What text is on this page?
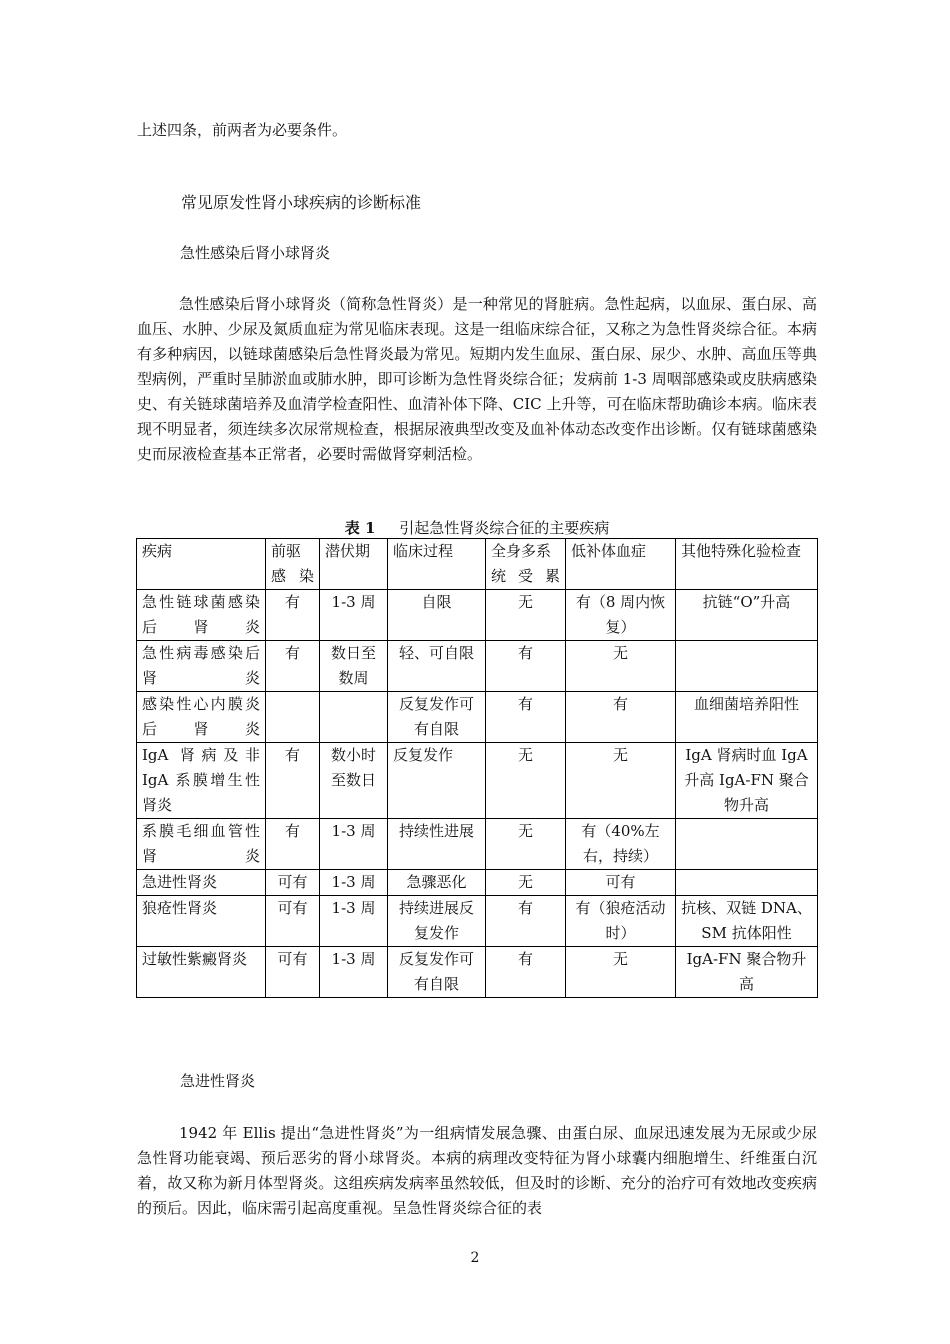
上述四条，前两者为必要条件。

常见原发性肾小球疾病的诊断标准

急性感染后肾小球肾炎

急性感染后肾小球肾炎（简称急性肾炎）是一种常见的肾脏病。急性起病，以血尿、蛋白尿、高血压、水肿、少尿及氮质血症为常见临床表现。这是一组临床综合征，又称之为急性肾炎综合征。本病有多种病因，以链球菌感染后急性肾炎最为常见。短期内发生血尿、蛋白尿、尿少、水肿、高血压等典型病例，严重时呈肺淤血或肺水肿，即可诊断为急性肾炎综合征；发病前 1-3 周咽部感染或皮肤病感染史、有关链球菌培养及血清学检查阳性、血清补体下降、CIC 上升等，可在临床帮助确诊本病。临床表现不明显者，须连续多次尿常规检查，根据尿液典型改变及血补体动态改变作出诊断。仅有链球菌感染史而尿液检查基本正常者，必要时需做肾穿刺活检。

表 1 引起急性肾炎综合征的主要疾病
疾病	前驱感染	潜伏期	临床过程	全身多系统受累	低补体血症	其他特殊化验检查
急性链球菌感染后肾炎	有	1-3 周	自限	无	有（8 周内恢复）	抗链“O”升高
急性病毒感染后肾炎	有	数日至数周	轻、可自限	有	无	
感染性心内膜炎后肾炎			反复发作可有自限	有	有	血细菌培养阳性
IgA 肾病及非 IgA 系膜增生性肾炎	有	数小时至数日	反复发作	无	无	IgA 肾病时血 IgA 升高 IgA-FN 聚合物升高
系膜毛细血管性肾炎	有	1-3 周	持续性进展	无	有（40%左右，持续）	
急进性肾炎	可有	1-3 周	急骤恶化	无	可有	
狼疮性肾炎	可有	1-3 周	持续进展反复发作	有	有（狼疮活动时）	抗核、双链 DNA、SM 抗体阳性
过敏性紫癜肾炎	可有	1-3 周	反复发作可有自限	有	无	IgA-FN 聚合物升高

急进性肾炎

1942 年 Ellis 提出“急进性肾炎”为一组病情发展急骤、由蛋白尿、血尿迅速发展为无尿或少尿急性肾功能衰竭、预后恶劣的肾小球肾炎。本病的病理改变特征为肾小球囊内细胞增生、纤维蛋白沉着，故又称为新月体型肾炎。这组疾病发病率虽然较低，但及时的诊断、充分的治疗可有效地改变疾病的预后。因此，临床需引起高度重视。呈急性肾炎综合征的表

2
